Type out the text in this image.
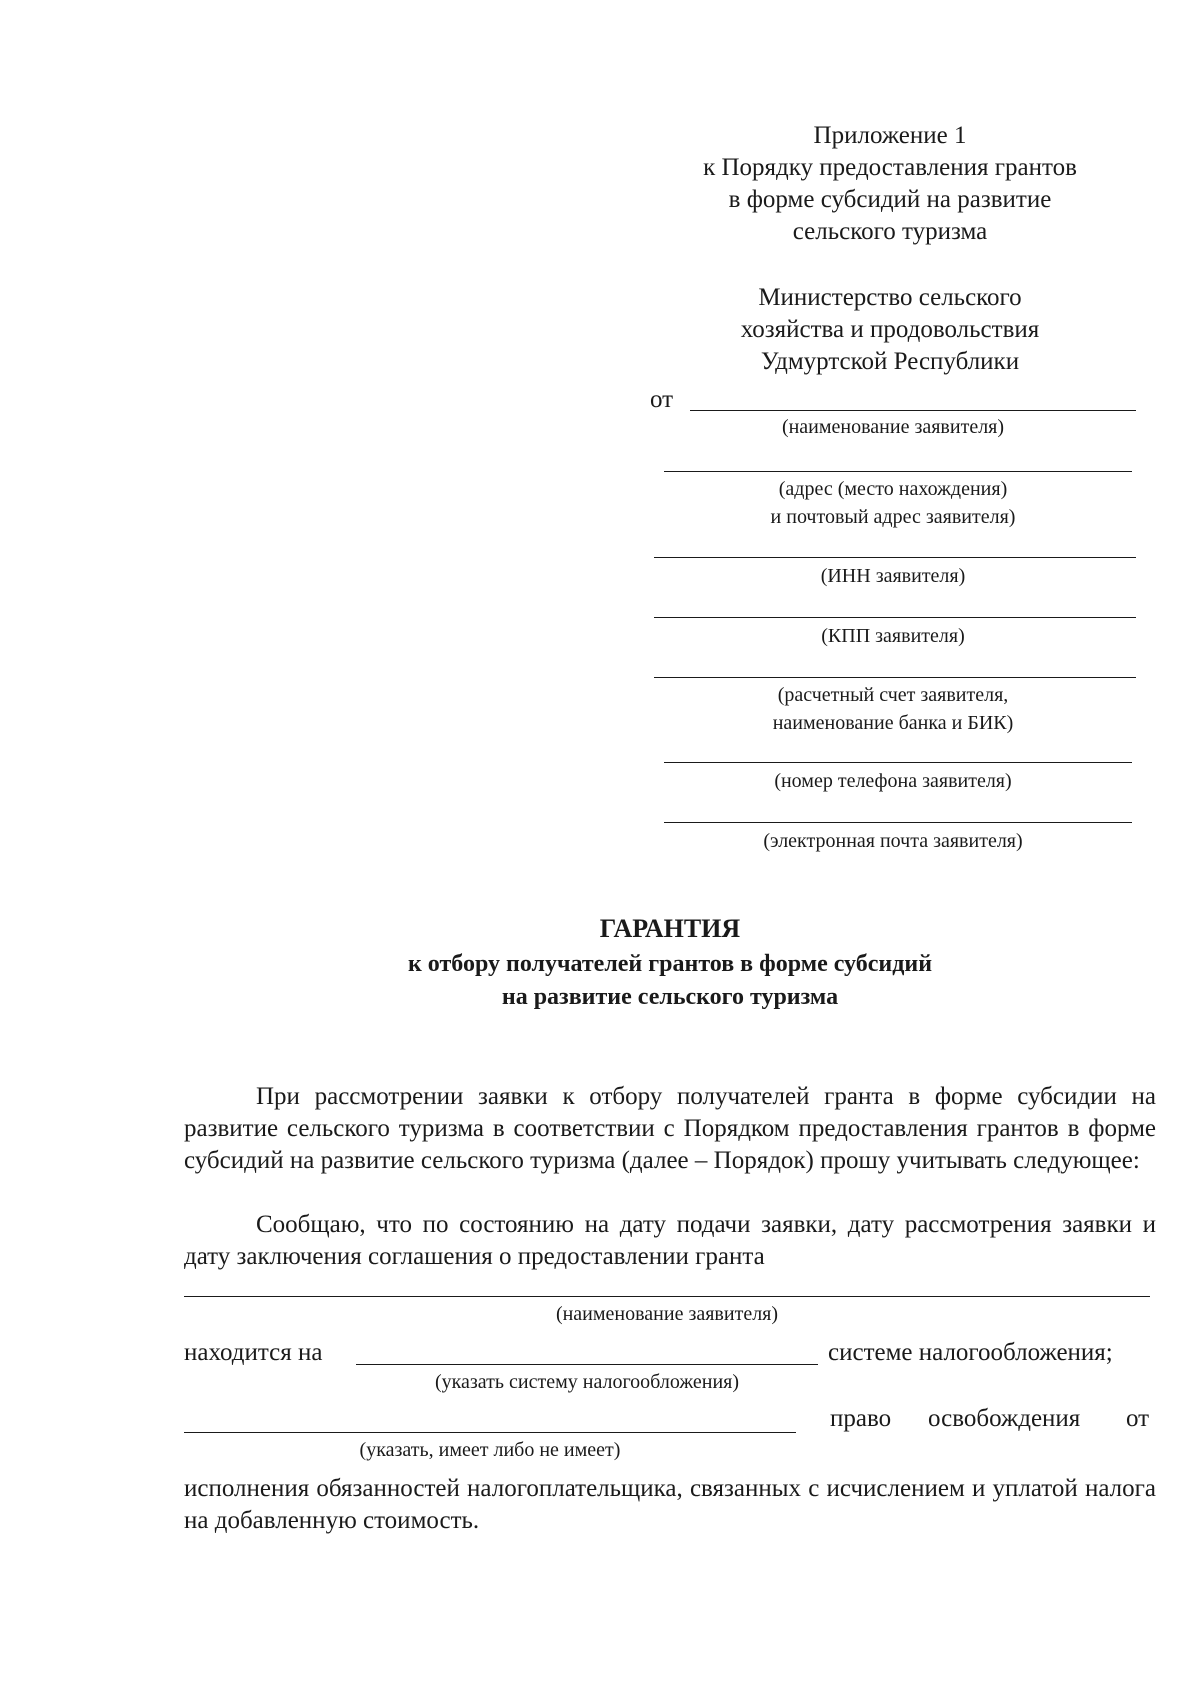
Приложение 1
к Порядку предоставления грантов
в форме субсидий на развитие
сельского туризма
Министерство сельского
хозяйства и продовольствия
Удмуртской Республики
от
(наименование заявителя)
(адрес (место нахождения)
и почтовый адрес заявителя)
(ИНН заявителя)
(КПП заявителя)
(расчетный счет заявителя,
наименование банка и БИК)
(номер телефона заявителя)
(электронная почта заявителя)
ГАРАНТИЯ
к отбору получателей грантов в форме субсидий
на развитие сельского туризма
При рассмотрении заявки к отбору получателей гранта в форме субсидии на развитие сельского туризма в соответствии с Порядком предоставления грантов в форме субсидий на развитие сельского туризма (далее – Порядок) прошу учитывать следующее:
Сообщаю, что по состоянию на дату подачи заявки, дату рассмотрения заявки и дату заключения соглашения о предоставлении гранта
(наименование заявителя)
находится на	системе налогообложения;
(указать систему налогообложения)
право освобождения от
(указать, имеет либо не имеет)
исполнения обязанностей налогоплательщика, связанных с исчислением и уплатой налога на добавленную стоимость.
